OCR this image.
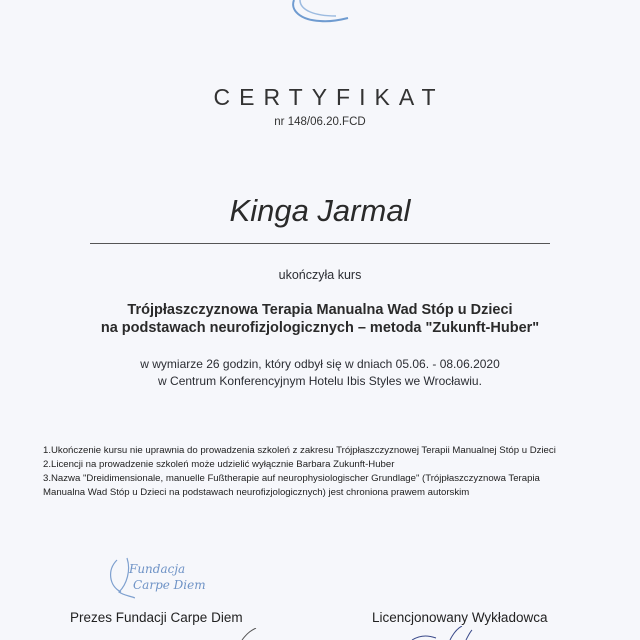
CERTYFIKAT
nr 148/06.20.FCD
Kinga Jarmal
ukończyła kurs
Trójpłaszczyznowa Terapia Manualna Wad Stóp u Dzieci
na podstawach neurofizjologicznych – metoda "Zukunft-Huber"
w wymiarze 26 godzin, który odbył się w dniach 05.06. - 08.06.2020
w Centrum Konferencyjnym Hotelu Ibis Styles we Wrocławiu.
1.Ukończenie kursu nie uprawnia do prowadzenia szkoleń z zakresu Trójpłaszczyznowej Terapii Manualnej Stóp u Dzieci
2.Licencji na prowadzenie szkoleń może udzielić wyłącznie Barbara Zukunft-Huber
3.Nazwa "Dreidimensionale, manuelle Fußtherapie auf neurophysiologischer Grundlage" (Trójpłaszczyznowa Terapia
Manualna Wad Stóp u Dzieci na podstawach neurofizjologicznych) jest chroniona prawem autorskim
Fundacja
Carpe Diem
Prezes Fundacji Carpe Diem	Licencjonowany Wykładowca
